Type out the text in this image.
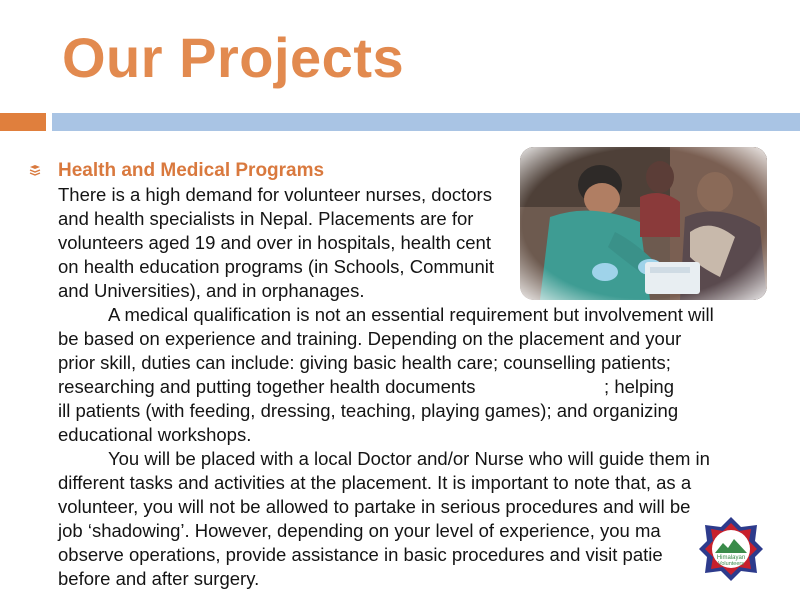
Our Projects
Health and Medical Programs
There is a high demand for volunteer nurses, doctors
and health specialists in Nepal. Placements are for
volunteers aged 19 and over in hospitals, health cent
on health education programs (in Schools, Communit
and Universities), and in orphanages.
A medical qualification is not an essential requirement but involvement will
be based on experience and training. Depending on the placement and your
prior skill, duties can include: giving basic health care; counselling patients;
researching and putting together health documents                         ; helping
ill patients (with feeding, dressing, teaching, playing games); and organizing
educational workshops.
You will be placed with a local Doctor and/or Nurse who will guide them in
different tasks and activities at the placement. It is important to note that, as a
volunteer, you will not be allowed to partake in serious procedures and will be
job ‘shadowing’. However, depending on your level of experience, you ma
observe operations, provide assistance in basic procedures and visit patie
before and after surgery.
Himalayan
Volunteers
